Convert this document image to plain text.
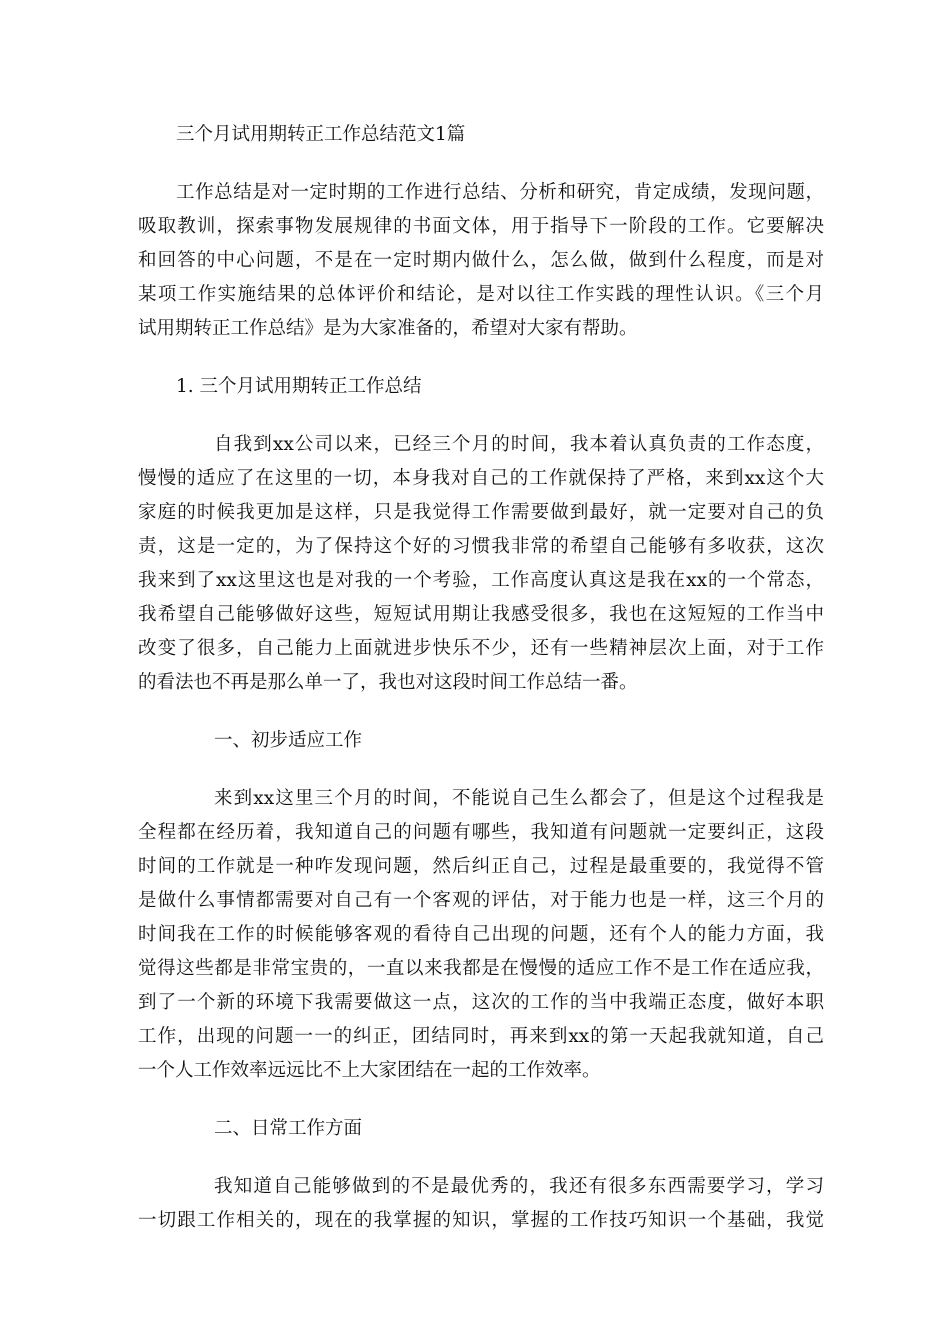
三个月试用期转正工作总结范文1篇
工作总结是对一定时期的工作进行总结、分析和研究，肯定成绩，发现问题，
吸取教训，探索事物发展规律的书面文体，用于指导下一阶段的工作。它要解决
和回答的中心问题，不是在一定时期内做什么，怎么做，做到什么程度，而是对
某项工作实施结果的总体评价和结论，是对以往工作实践的理性认识。《三个月
试用期转正工作总结》是为大家准备的，希望对大家有帮助。
1. 三个月试用期转正工作总结
自我到xx公司以来，已经三个月的时间，我本着认真负责的工作态度，
慢慢的适应了在这里的一切，本身我对自己的工作就保持了严格，来到xx这个大
家庭的时候我更加是这样，只是我觉得工作需要做到最好，就一定要对自己的负
责，这是一定的，为了保持这个好的习惯我非常的希望自己能够有多收获，这次
我来到了xx这里这也是对我的一个考验，工作高度认真这是我在xx的一个常态，
我希望自己能够做好这些，短短试用期让我感受很多，我也在这短短的工作当中
改变了很多，自己能力上面就进步快乐不少，还有一些精神层次上面，对于工作
的看法也不再是那么单一了，我也对这段时间工作总结一番。
一、初步适应工作
来到xx这里三个月的时间，不能说自己生么都会了，但是这个过程我是
全程都在经历着，我知道自己的问题有哪些，我知道有问题就一定要纠正，这段
时间的工作就是一种咋发现问题，然后纠正自己，过程是最重要的，我觉得不管
是做什么事情都需要对自己有一个客观的评估，对于能力也是一样，这三个月的
时间我在工作的时候能够客观的看待自己出现的问题，还有个人的能力方面，我
觉得这些都是非常宝贵的，一直以来我都是在慢慢的适应工作不是工作在适应我，
到了一个新的环境下我需要做这一点，这次的工作的当中我端正态度，做好本职
工作，出现的问题一一的纠正，团结同时，再来到xx的第一天起我就知道，自己
一个人工作效率远远比不上大家团结在一起的工作效率。
二、日常工作方面
我知道自己能够做到的不是最优秀的，我还有很多东西需要学习，学习
一切跟工作相关的，现在的我掌握的知识，掌握的工作技巧知识一个基础，我觉
